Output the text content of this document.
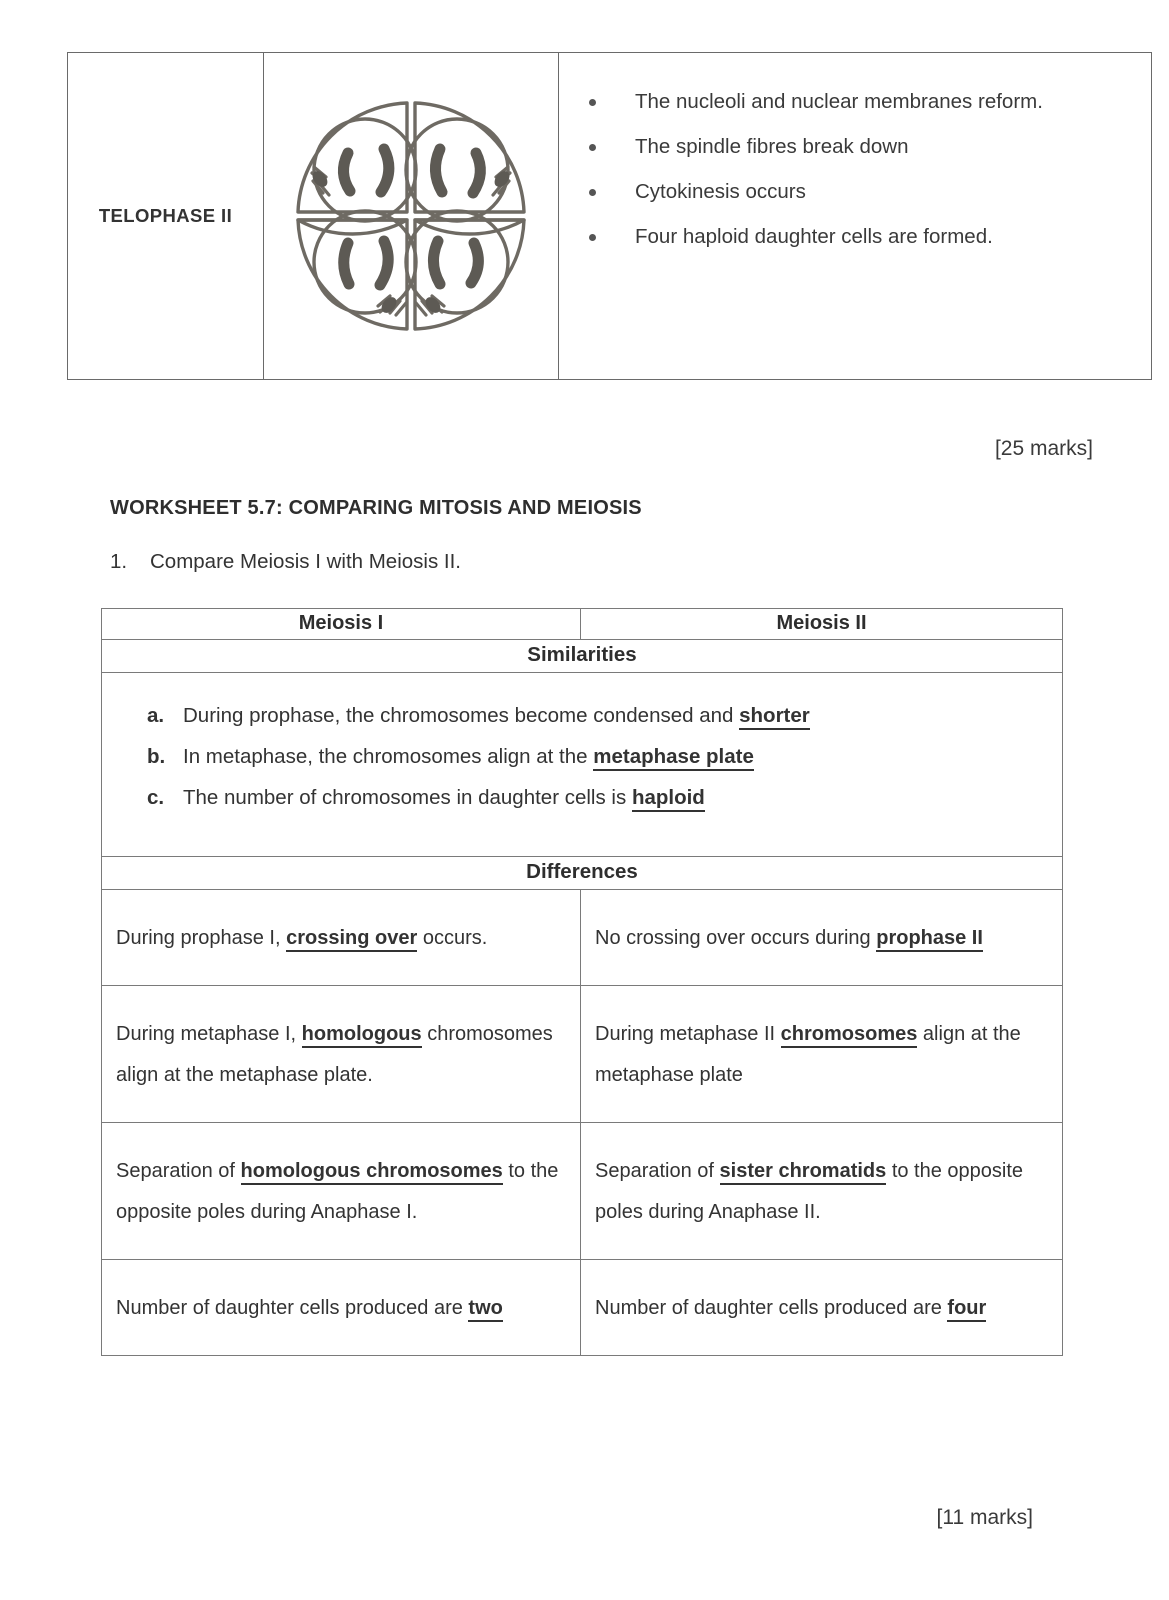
TELOPHASE II
The nucleoli and nuclear membranes reform.
The spindle fibres break down
Cytokinesis occurs
Four haploid daughter cells are formed.
[25 marks]
WORKSHEET 5.7: COMPARING MITOSIS AND MEIOSIS
1. Compare Meiosis I with Meiosis II.
Meiosis I	Meiosis II
Similarities	

a. During prophase, the chromosomes become condensed and shorter
b. In metaphase, the chromosomes align at the metaphase plate
c. The number of chromosomes in daughter cells is haploid

Differences	
During prophase I, crossing over occurs.	No crossing over occurs during prophase II
During metaphase I, homologous chromosomes align at the metaphase plate.	During metaphase II chromosomes align at the metaphase plate
Separation of homologous chromosomes to the opposite poles during Anaphase I.	Separation of sister chromatids to the opposite poles during Anaphase II.
Number of daughter cells produced are two	Number of daughter cells produced are four
[11 marks]
